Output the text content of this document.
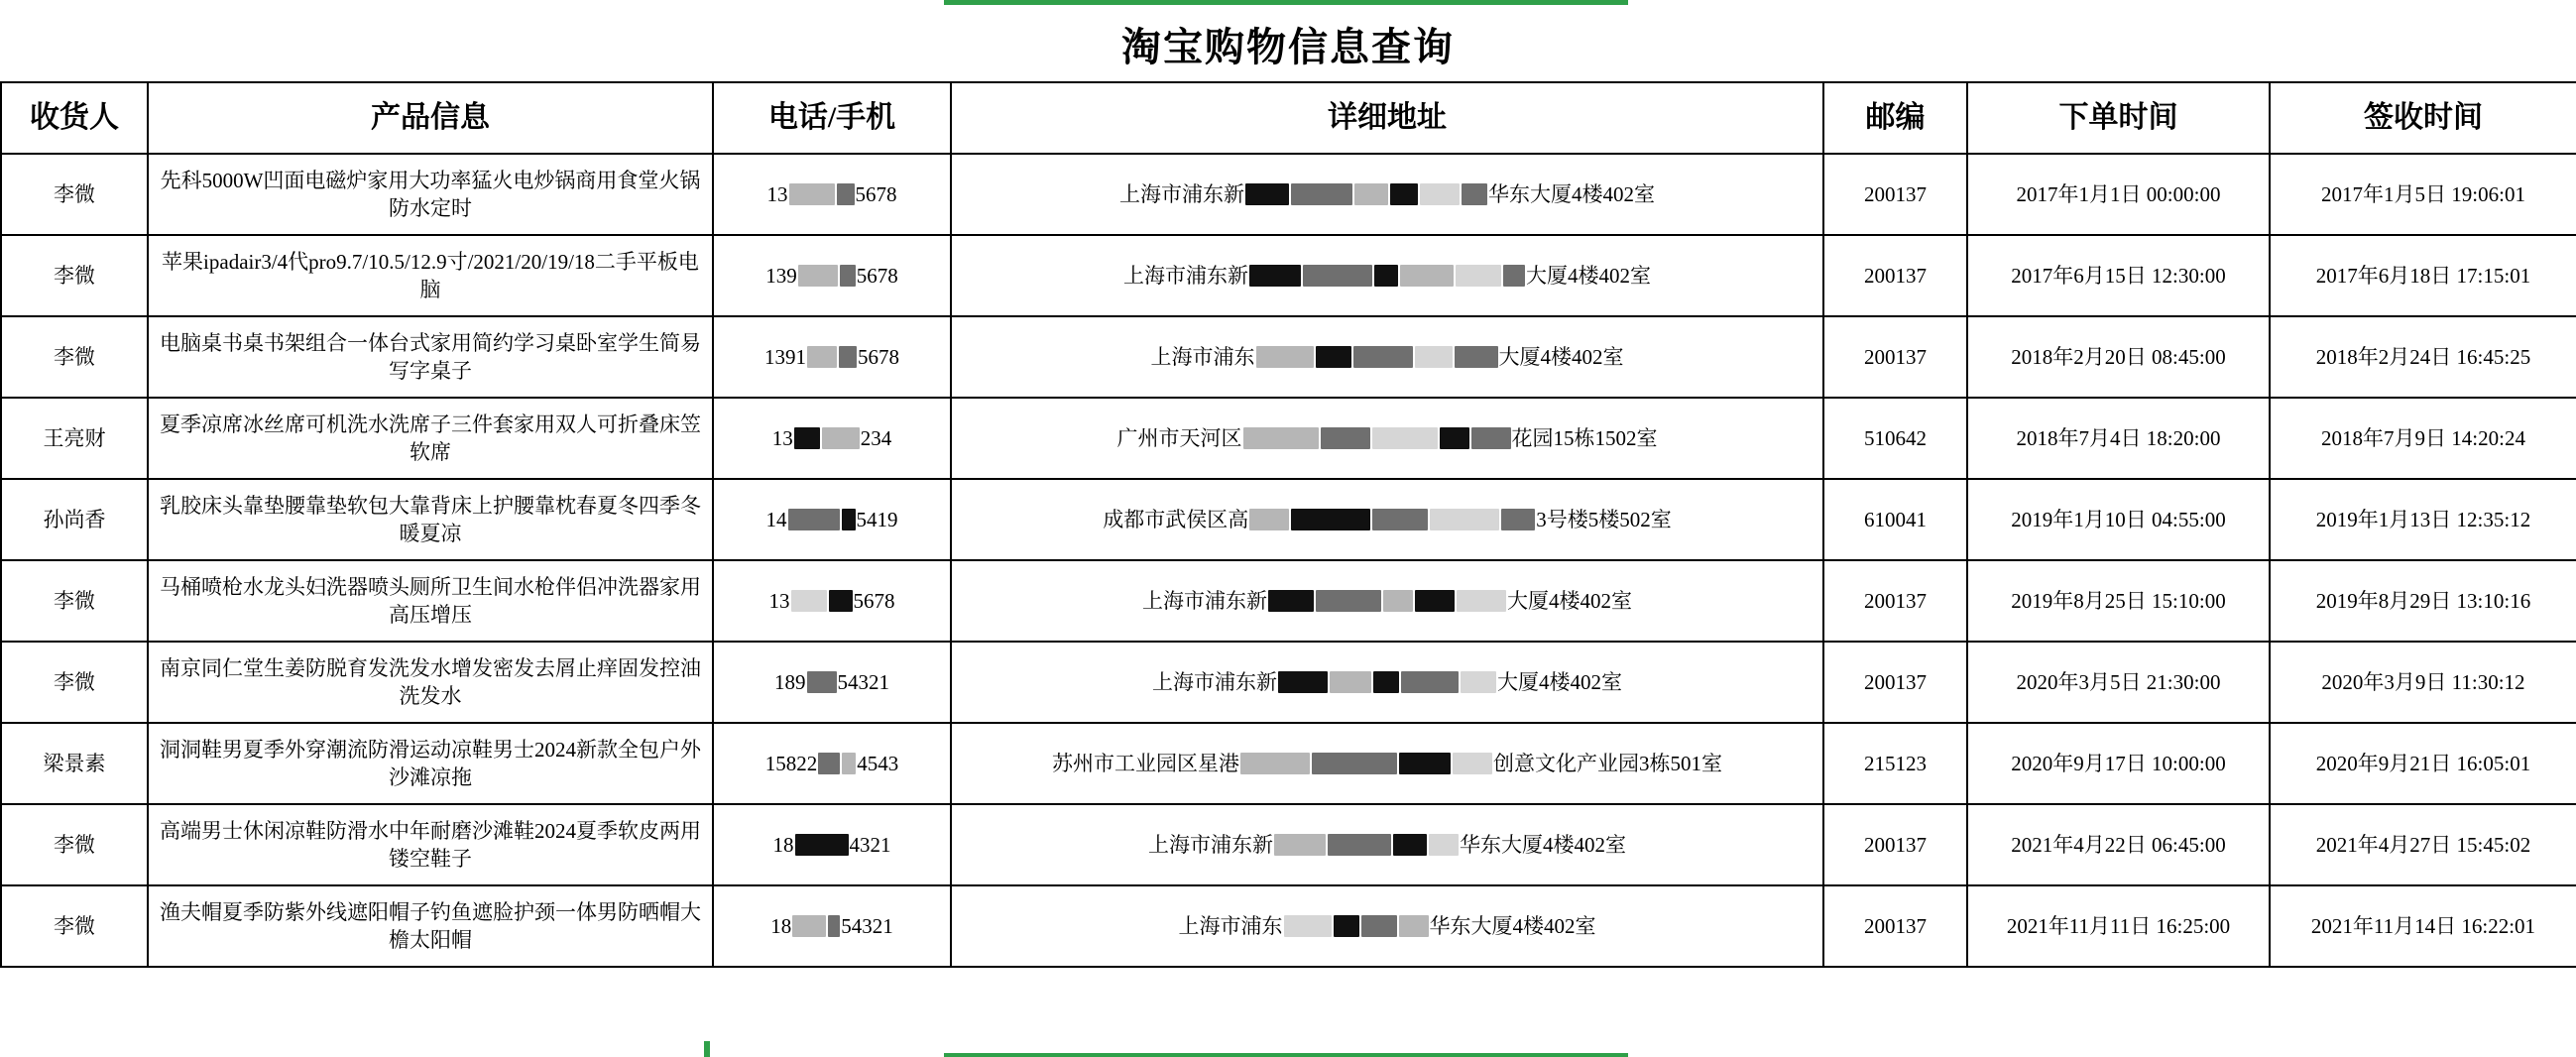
淘宝购物信息查询
收货人	产品信息	电话/手机	详细地址	邮编	下单时间	签收时间
李微	先科5000W凹面电磁炉家用大功率猛火电炒锅商用食堂火锅防水定时	13 5678	上海市浦东新 华东大厦4楼402室	200137	2017年1月1日 00:00:00	2017年1月5日 19:06:01
李微	苹果ipadair3/4代pro9.7/10.5/12.9寸/2021/20/19/18二手平板电脑	139 5678	上海市浦东新 大厦4楼402室	200137	2017年6月15日 12:30:00	2017年6月18日 17:15:01
李微	电脑桌书桌书架组合一体台式家用简约学习桌卧室学生简易写字桌子	1391 5678	上海市浦东 大厦4楼402室	200137	2018年2月20日 08:45:00	2018年2月24日 16:45:25
王亮财	夏季凉席冰丝席可机洗水洗席子三件套家用双人可折叠床笠软席	13 234	广州市天河区 花园15栋1502室	510642	2018年7月4日 18:20:00	2018年7月9日 14:20:24
孙尚香	乳胶床头靠垫腰靠垫软包大靠背床上护腰靠枕春夏冬四季冬暖夏凉	14 5419	成都市武侯区高 3号楼5楼502室	610041	2019年1月10日 04:55:00	2019年1月13日 12:35:12
李微	马桶喷枪水龙头妇洗器喷头厕所卫生间水枪伴侣冲洗器家用高压增压	13 5678	上海市浦东新 大厦4楼402室	200137	2019年8月25日 15:10:00	2019年8月29日 13:10:16
李微	南京同仁堂生姜防脱育发洗发水增发密发去屑止痒固发控油洗发水	189 54321	上海市浦东新 大厦4楼402室	200137	2020年3月5日 21:30:00	2020年3月9日 11:30:12
梁景素	洞洞鞋男夏季外穿潮流防滑运动凉鞋男士2024新款全包户外沙滩凉拖	15822 4543	苏州市工业园区星港 创意文化产业园3栋501室	215123	2020年9月17日 10:00:00	2020年9月21日 16:05:01
李微	高端男士休闲凉鞋防滑水中年耐磨沙滩鞋2024夏季软皮两用镂空鞋子	18 4321	上海市浦东新 华东大厦4楼402室	200137	2021年4月22日 06:45:00	2021年4月27日 15:45:02
李微	渔夫帽夏季防紫外线遮阳帽子钓鱼遮脸护颈一体男防晒帽大檐太阳帽	18 54321	上海市浦东 华东大厦4楼402室	200137	2021年11月11日 16:25:00	2021年11月14日 16:22:01
